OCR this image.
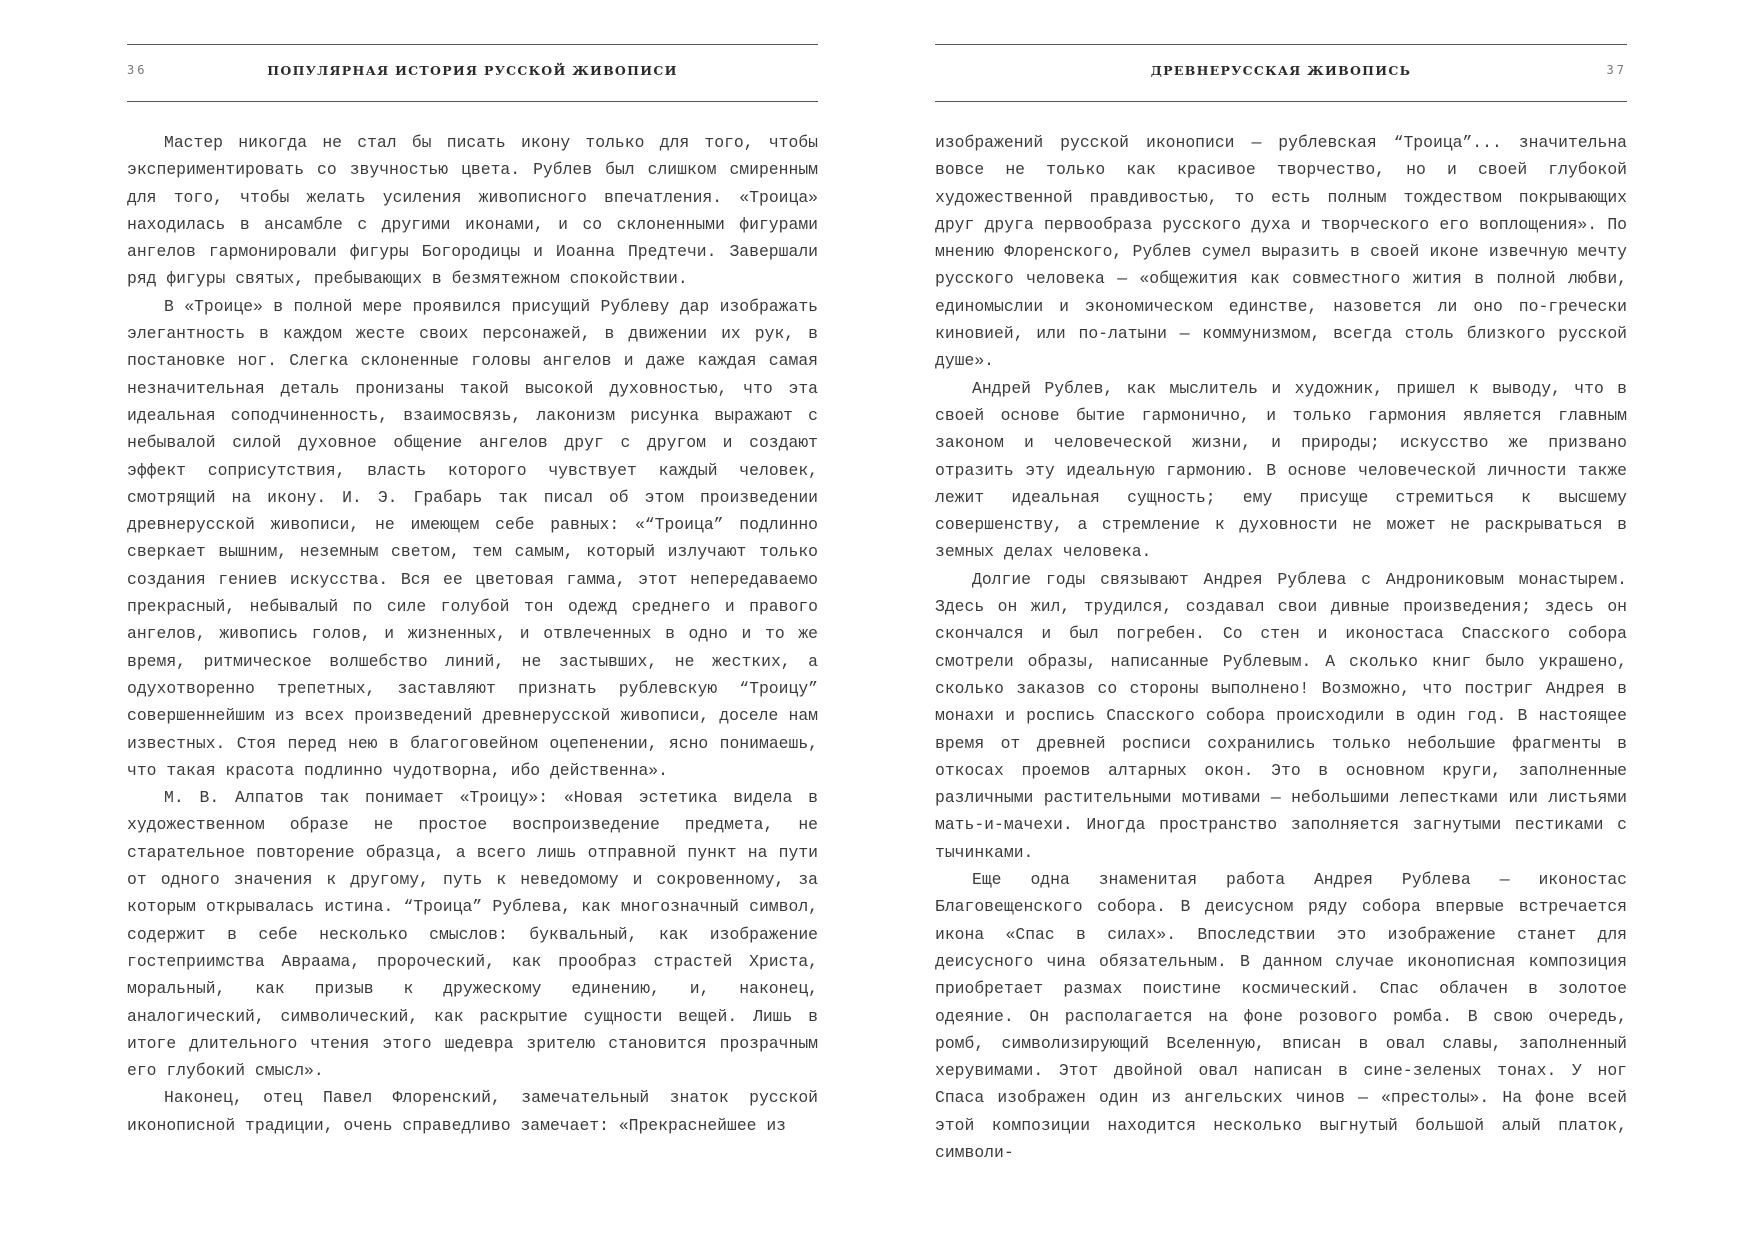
36	ПОПУЛЯРНАЯ ИСТОРИЯ РУССКОЙ ЖИВОПИСИ

Мастер никогда не стал бы писать икону только для того, чтобы экспериментировать со звучностью цвета. Рублев был слишком смиренным для того, чтобы желать усиления живописного впечатления. «Троица» находилась в ансамбле с другими иконами, и со склоненными фигурами ангелов гармонировали фигуры Богородицы и Иоанна Предтечи. Завершали ряд фигуры святых, пребывающих в безмятежном спокойствии.

В «Троице» в полной мере проявился присущий Рублеву дар изображать элегантность в каждом жесте своих персонажей, в движении их рук, в постановке ног. Слегка склоненные головы ангелов и даже каждая самая незначительная деталь пронизаны такой высокой духовностью, что эта идеальная соподчиненность, взаимосвязь, лаконизм рисунка выражают с небывалой силой духовное общение ангелов друг с другом и создают эффект соприсутствия, власть которого чувствует каждый человек, смотрящий на икону. И. Э. Грабарь так писал об этом произведении древнерусской живописи, не имеющем себе равных: «“Троица” подлинно сверкает вышним, неземным светом, тем самым, который излучают только создания гениев искусства. Вся ее цветовая гамма, этот непередаваемо прекрасный, небывалый по силе голубой тон одежд среднего и правого ангелов, живопись голов, и жизненных, и отвлеченных в одно и то же время, ритмическое волшебство линий, не застывших, не жестких, а одухотворенно трепетных, заставляют признать рублевскую “Троицу” совершеннейшим из всех произведений древнерусской живописи, доселе нам известных. Стоя перед нею в благоговейном оцепенении, ясно понимаешь, что такая красота подлинно чудотворна, ибо действенна».

М. В. Алпатов так понимает «Троицу»: «Новая эстетика видела в художественном образе не простое воспроизведение предмета, не старательное повторение образца, а всего лишь отправной пункт на пути от одного значения к другому, путь к неведомому и сокровенному, за которым открывалась истина. “Троица” Рублева, как многозначный символ, содержит в себе несколько смыслов: буквальный, как изображение гостеприимства Авраама, пророческий, как прообраз страстей Христа, моральный, как призыв к дружескому единению, и, наконец, аналогический, символический, как раскрытие сущности вещей. Лишь в итоге длительного чтения этого шедевра зрителю становится прозрачным его глубокий смысл».

Наконец, отец Павел Флоренский, замечательный знаток русской иконописной традиции, очень справедливо замечает: «Прекраснейшее из

ДРЕВНЕРУССКАЯ ЖИВОПИСЬ	37

изображений русской иконописи — рублевская “Троица”... значительна вовсе не только как красивое творчество, но и своей глубокой художественной правдивостью, то есть полным тождеством покрывающих друг друга первообраза русского духа и творческого его воплощения». По мнению Флоренского, Рублев сумел выразить в своей иконе извечную мечту русского человека — «общежития как совместного жития в полной любви, единомыслии и экономическом единстве, назовется ли оно по-гречески киновией, или по-латыни — коммунизмом, всегда столь близкого русской душе».

Андрей Рублев, как мыслитель и художник, пришел к выводу, что в своей основе бытие гармонично, и только гармония является главным законом и человеческой жизни, и природы; искусство же призвано отразить эту идеальную гармонию. В основе человеческой личности также лежит идеальная сущность; ему присуще стремиться к высшему совершенству, а стремление к духовности не может не раскрываться в земных делах человека.

Долгие годы связывают Андрея Рублева с Андрониковым монастырем. Здесь он жил, трудился, создавал свои дивные произведения; здесь он скончался и был погребен. Со стен и иконостаса Спасского собора смотрели образы, написанные Рублевым. А сколько книг было украшено, сколько заказов со стороны выполнено! Возможно, что постриг Андрея в монахи и роспись Спасского собора происходили в один год. В настоящее время от древней росписи сохранились только небольшие фрагменты в откосах проемов алтарных окон. Это в основном круги, заполненные различными растительными мотивами — небольшими лепестками или листьями мать-и-мачехи. Иногда пространство заполняется загнутыми пестиками с тычинками.

Еще одна знаменитая работа Андрея Рублева — иконостас Благовещенского собора. В деисусном ряду собора впервые встречается икона «Спас в силах». Впоследствии это изображение станет для деисусного чина обязательным. В данном случае иконописная композиция приобретает размах поистине космический. Спас облачен в золотое одеяние. Он располагается на фоне розового ромба. В свою очередь, ромб, символизирующий Вселенную, вписан в овал славы, заполненный херувимами. Этот двойной овал написан в сине-зеленых тонах. У ног Спаса изображен один из ангельских чинов — «престолы». На фоне всей этой композиции находится несколько выгнутый большой алый платок, символи-
